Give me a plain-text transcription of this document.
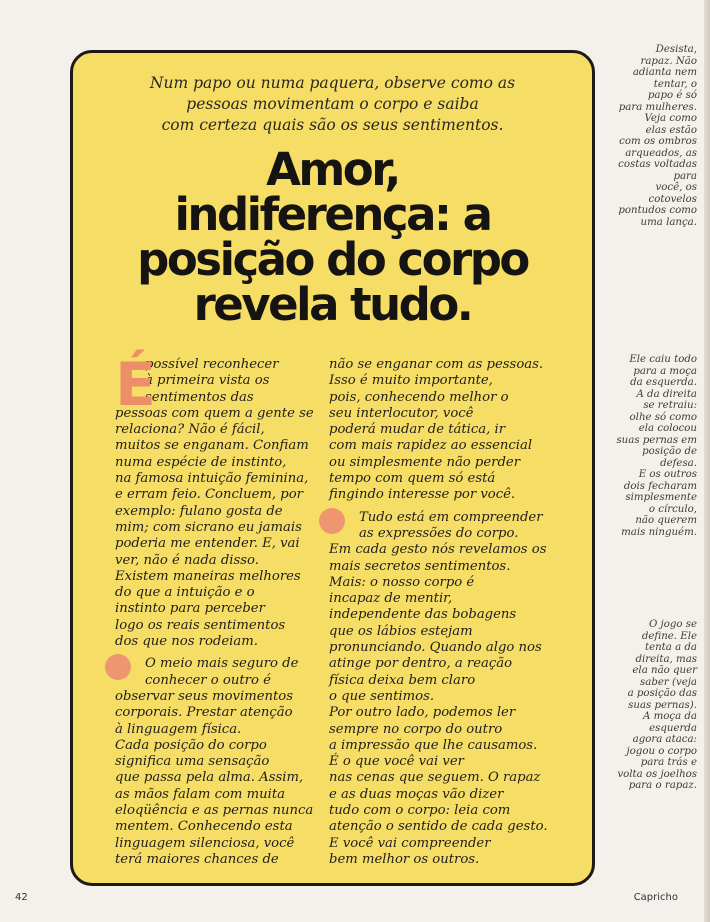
Num papo ou numa paquera, observe como as
pessoas movimentam o corpo e saiba
com certeza quais são os seus sentimentos.
Amor,
indiferença: a
posição do corpo
revela tudo.
É
possível reconhecer
à primeira vista os
sentimentos das
pessoas com quem a gente se
relaciona? Não é fácil,
muitos se enganam. Confiam
numa espécie de instinto,
na famosa intuição feminina,
e erram feio. Concluem, por
exemplo: fulano gosta de
mim; com sicrano eu jamais
poderia me entender. E, vai
ver, não é nada disso.
Existem maneiras melhores
do que a intuição e o
instinto para perceber
logo os reais sentimentos
dos que nos rodeiam.
O meio mais seguro de
conhecer o outro é
observar seus movimentos
corporais. Prestar atenção
à linguagem física.
Cada posição do corpo
significa uma sensação
que passa pela alma. Assim,
as mãos falam com muita
eloqüência e as pernas nunca
mentem. Conhecendo esta
linguagem silenciosa, você
terá maiores chances de
não se enganar com as pessoas.
Isso é muito importante,
pois, conhecendo melhor o
seu interlocutor, você
poderá mudar de tática, ir
com mais rapidez ao essencial
ou simplesmente não perder
tempo com quem só está
fingindo interesse por você.
Tudo está em compreender
as expressões do corpo.
Em cada gesto nós revelamos os
mais secretos sentimentos.
Mais: o nosso corpo é
incapaz de mentir,
independente das bobagens
que os lábios estejam
pronunciando. Quando algo nos
atinge por dentro, a reação
física deixa bem claro
o que sentimos.
Por outro lado, podemos ler
sempre no corpo do outro
a impressão que lhe causamos.
É o que você vai ver
nas cenas que seguem. O rapaz
e as duas moças vão dizer
tudo com o corpo: leia com
atenção o sentido de cada gesto.
E você vai compreender
bem melhor os outros.
Desista,
rapaz. Não
adianta nem
tentar, o
papo é só
para mulheres.
Veja como
elas estão
com os ombros
arqueados, as
costas voltadas
para
você, os
cotovelos
pontudos como
uma lança.
Ele caiu todo
para a moça
da esquerda.
A da direita
se retraiu:
olhe só como
ela colocou
suas pernas em
posição de
defesa.
E os outros
dois fecharam
simplesmente
o círculo,
não querem
mais ninguém.
O jogo se
define. Ele
tenta a da
direita, mas
ela não quer
saber (veja
a posição das
suas pernas).
A moça da
esquerda
agora ataca:
jogou o corpo
para trás e
volta os joelhos
para o rapaz.
42	Capricho
